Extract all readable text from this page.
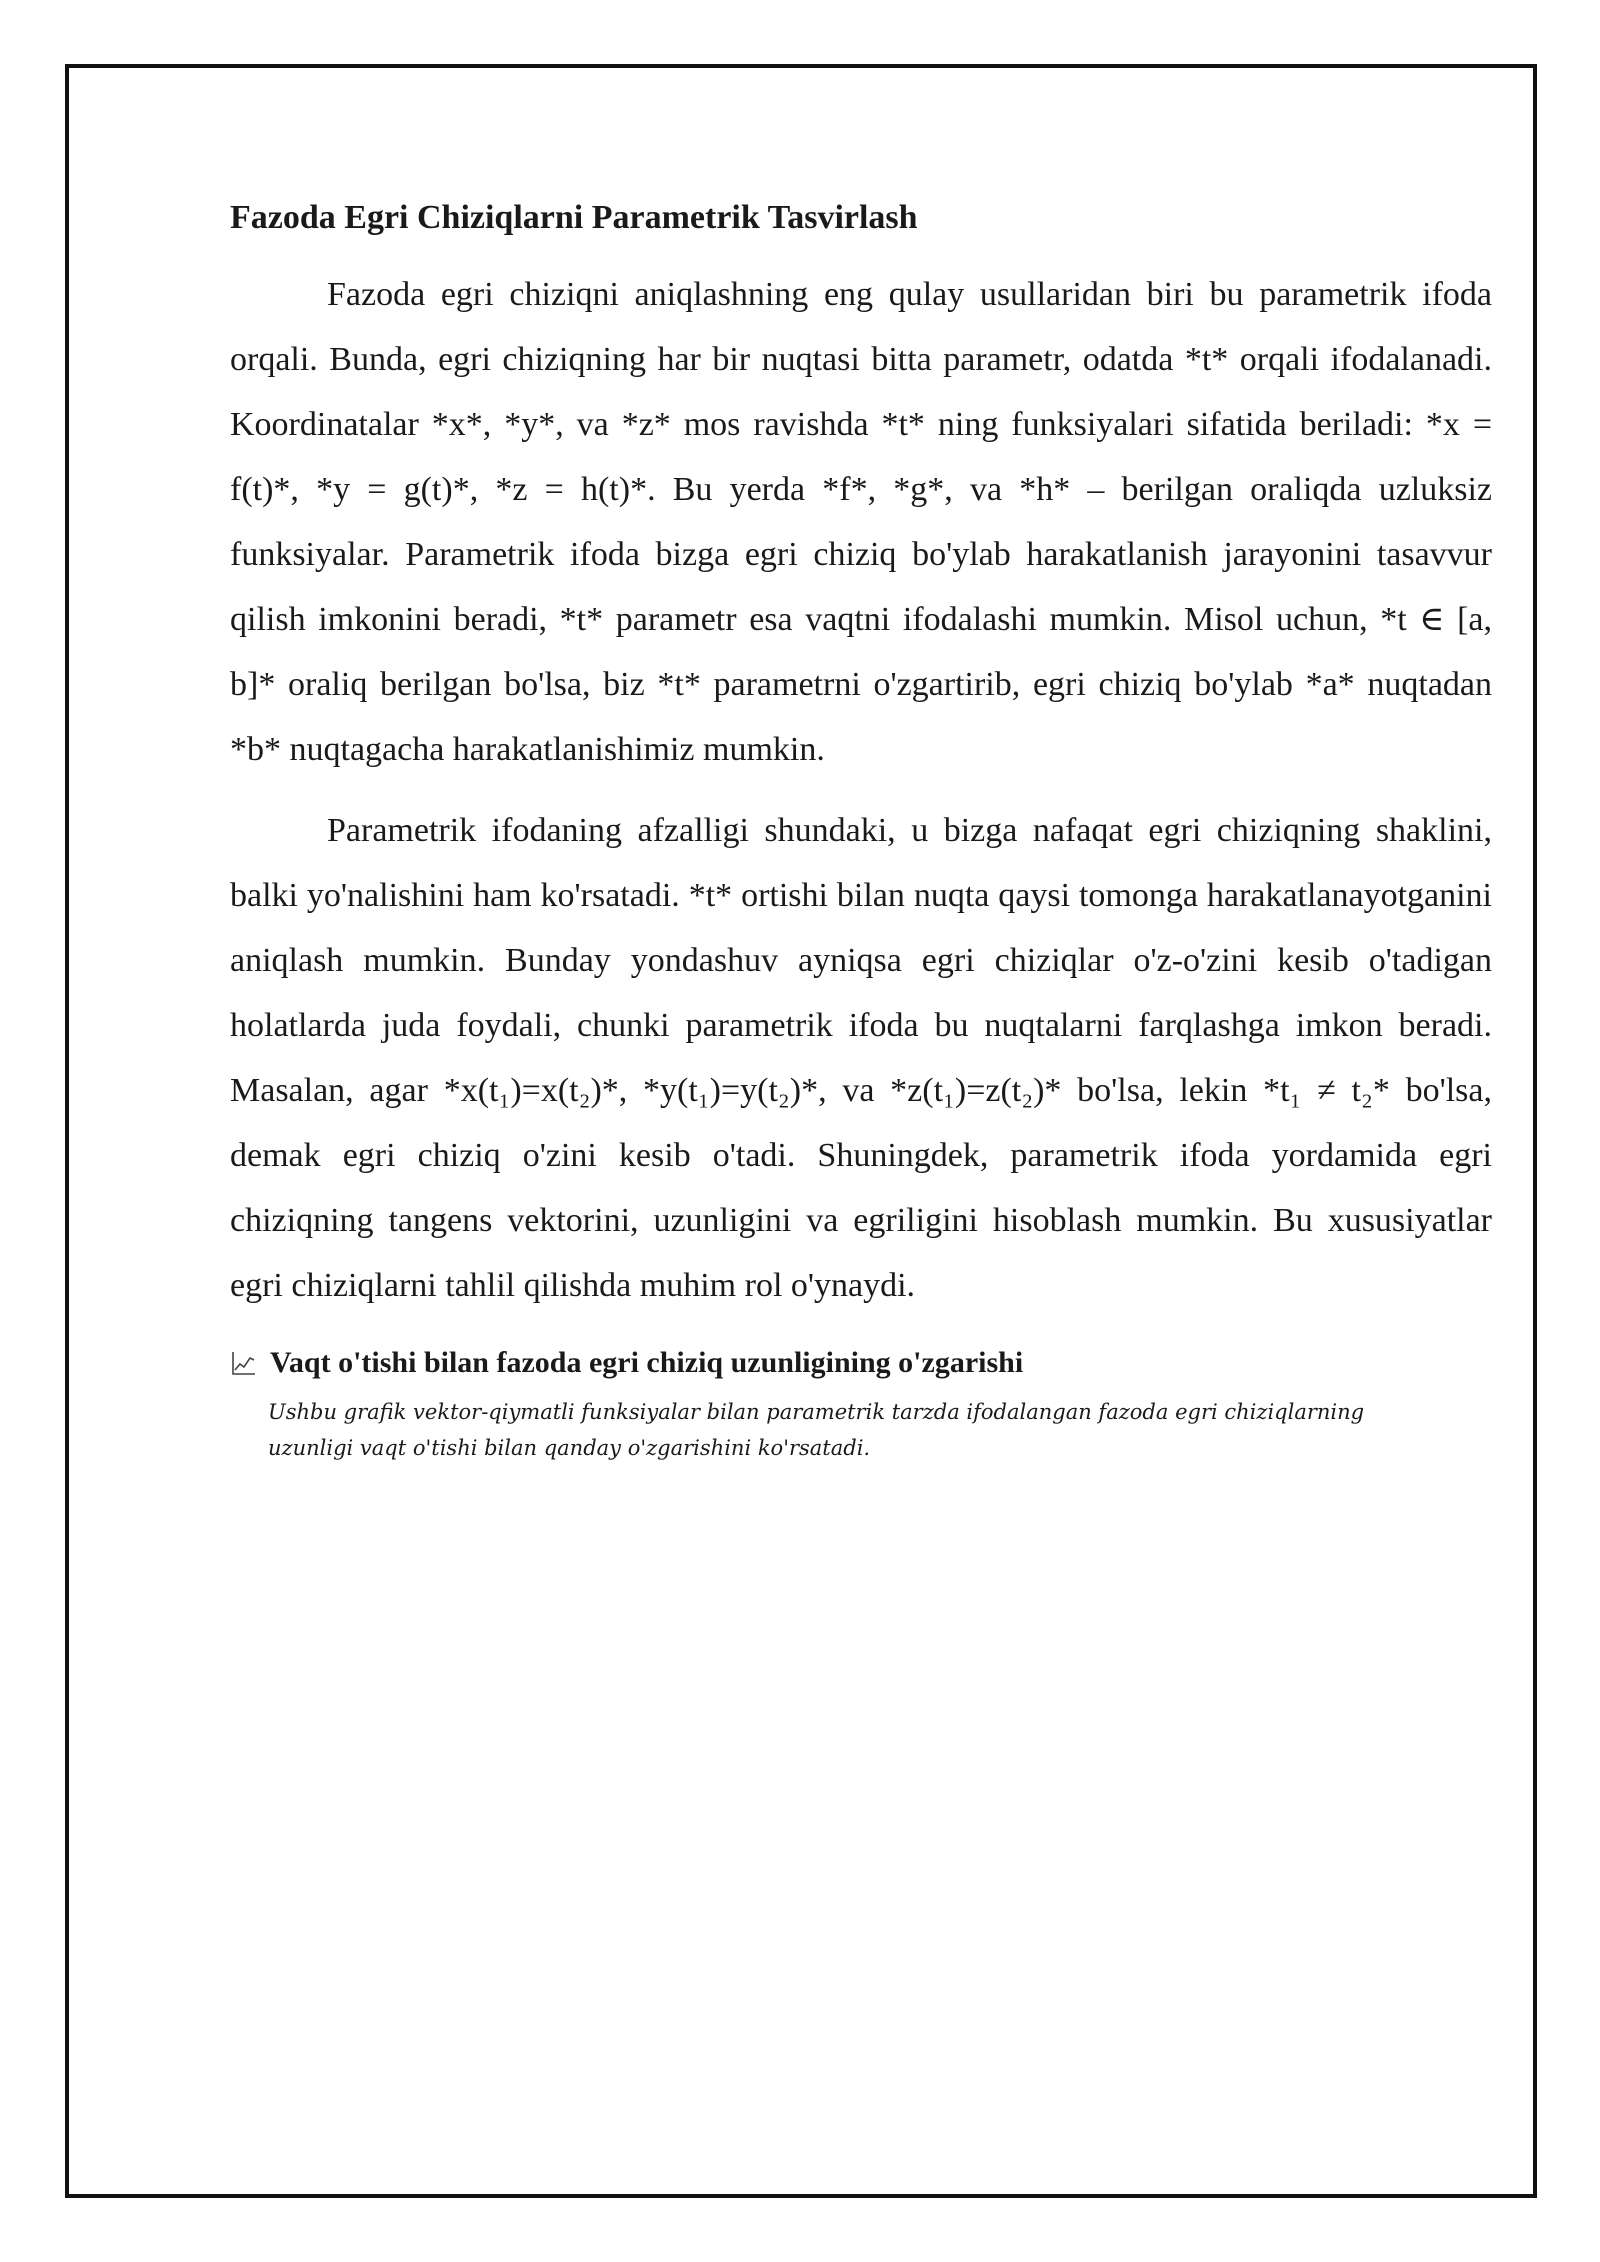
Fazoda Egri Chiziqlarni Parametrik Tasvirlash

Fazoda egri chiziqni aniqlashning eng qulay usullaridan biri bu parametrik ifoda orqali. Bunda, egri chiziqning har bir nuqtasi bitta parametr, odatda *t* orqali ifodalanadi. Koordinatalar *x*, *y*, va *z* mos ravishda *t* ning funksiyalari sifatida beriladi: *x = f(t)*, *y = g(t)*, *z = h(t)*. Bu yerda *f*, *g*, va *h* – berilgan oraliqda uzluksiz funksiyalar. Parametrik ifoda bizga egri chiziq bo'ylab harakatlanish jarayonini tasavvur qilish imkonini beradi, *t* parametr esa vaqtni ifodalashi mumkin. Misol uchun, *t ∈ [a, b]* oraliq berilgan bo'lsa, biz *t* parametrni o'zgartirib, egri chiziq bo'ylab *a* nuqtadan *b* nuqtagacha harakatlanishimiz mumkin.

Parametrik ifodaning afzalligi shundaki, u bizga nafaqat egri chiziqning shaklini, balki yo'nalishini ham ko'rsatadi. *t* ortishi bilan nuqta qaysi tomonga harakatlanayotganini aniqlash mumkin. Bunday yondashuv ayniqsa egri chiziqlar o'z-o'zini kesib o'tadigan holatlarda juda foydali, chunki parametrik ifoda bu nuqtalarni farqlashga imkon beradi. Masalan, agar *x(t₁)=x(t₂)*, *y(t₁)=y(t₂)*, va *z(t₁)=z(t₂)* bo'lsa, lekin *t₁ ≠ t₂* bo'lsa, demak egri chiziq o'zini kesib o'tadi. Shuningdek, parametrik ifoda yordamida egri chiziqning tangens vektorini, uzunligini va egriligini hisoblash mumkin. Bu xususiyatlar egri chiziqlarni tahlil qilishda muhim rol o'ynaydi.

Vaqt o'tishi bilan fazoda egri chiziq uzunligining o'zgarishi
Ushbu grafik vektor-qiymatli funksiyalar bilan parametrik tarzda ifodalangan fazoda egri chiziqlarning uzunligi vaqt o'tishi bilan qanday o'zgarishini ko'rsatadi.
